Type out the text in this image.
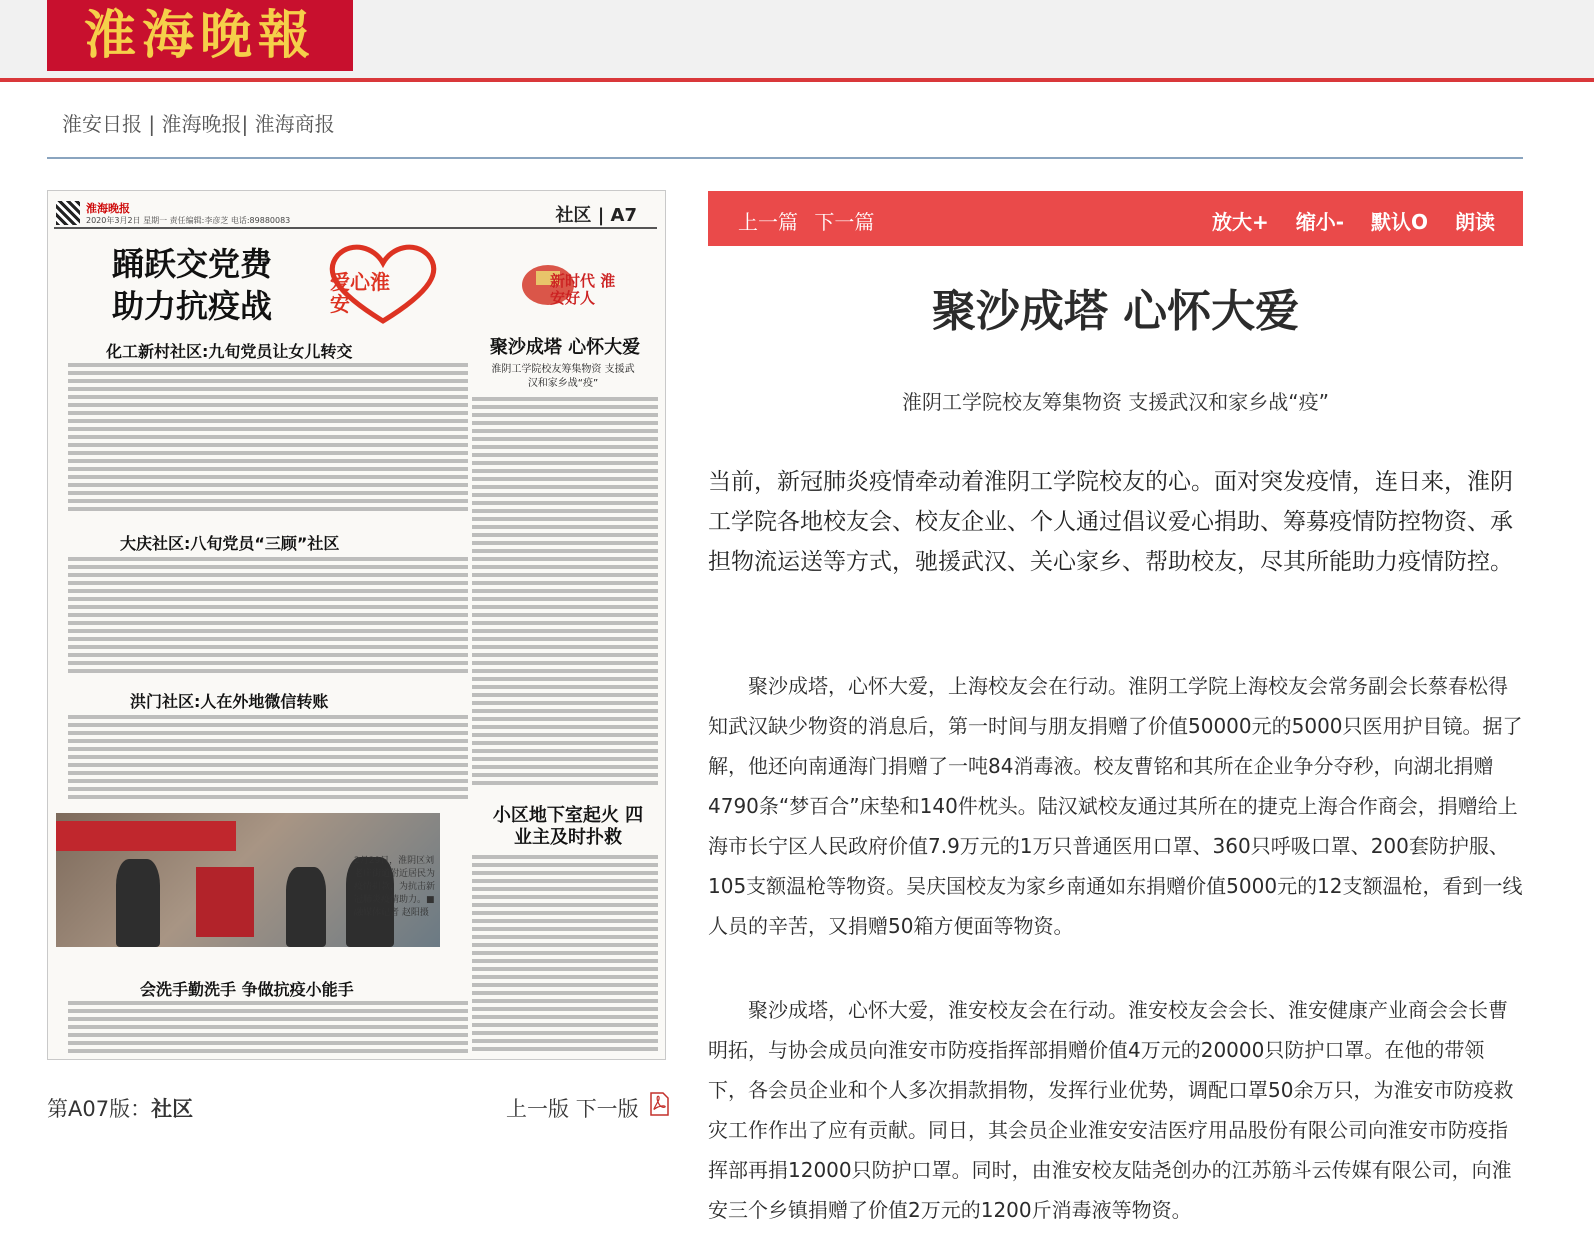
淮海晚報
淮安日报 | 淮海晚报| 淮海商报
淮海晚报
2020年3月2日 星期一 责任编辑:李彦芝 电话:89880083	社区 | A7
踊跃交党费 助力抗疫战
爱心淮安
新时代 淮安好人
化工新村社区:九旬党员让女儿转交
大庆社区:八旬党员“三顾”社区
洪门社区:人在外地微信转账
2月29日，淮阴区刘老庄街道附近居民为疫情捐款，为抗击新冠肺炎疫情助力。■融媒体记者 赵阳摄
会洗手勤洗手 争做抗疫小能手
聚沙成塔 心怀大爱
淮阴工学院校友筹集物资 支援武汉和家乡战“疫”
小区地下室起火 四业主及时扑救
第A07版：社区	上一版 下一版
上一篇 下一篇	放大+ 缩小- 默认O 朗读
聚沙成塔 心怀大爱
淮阴工学院校友筹集物资 支援武汉和家乡战“疫”

当前，新冠肺炎疫情牵动着淮阴工学院校友的心。面对突发疫情，连日来，淮阴工学院各地校友会、校友企业、个人通过倡议爱心捐助、筹募疫情防控物资、承担物流运送等方式，驰援武汉、关心家乡、帮助校友，尽其所能助力疫情防控。

聚沙成塔，心怀大爱，上海校友会在行动。淮阴工学院上海校友会常务副会长蔡春松得知武汉缺少物资的消息后，第一时间与朋友捐赠了价值50000元的5000只医用护目镜。据了解，他还向南通海门捐赠了一吨84消毒液。校友曹铭和其所在企业争分夺秒，向湖北捐赠4790条“梦百合”床垫和140件枕头。陆汉斌校友通过其所在的捷克上海合作商会，捐赠给上海市长宁区人民政府价值7.9万元的1万只普通医用口罩、360只呼吸口罩、200套防护服、105支额温枪等物资。吴庆国校友为家乡南通如东捐赠价值5000元的12支额温枪，看到一线人员的辛苦，又捐赠50箱方便面等物资。

聚沙成塔，心怀大爱，淮安校友会在行动。淮安校友会会长、淮安健康产业商会会长曹明拓，与协会成员向淮安市防疫指挥部捐赠价值4万元的20000只防护口罩。在他的带领下，各会员企业和个人多次捐款捐物，发挥行业优势，调配口罩50余万只，为淮安市防疫救灾工作作出了应有贡献。同日，其会员企业淮安安洁医疗用品股份有限公司向淮安市防疫指挥部再捐12000只防护口罩。同时，由淮安校友陆尧创办的江苏筋斗云传媒有限公司，向淮安三个乡镇捐赠了价值2万元的1200斤消毒液等物资。
